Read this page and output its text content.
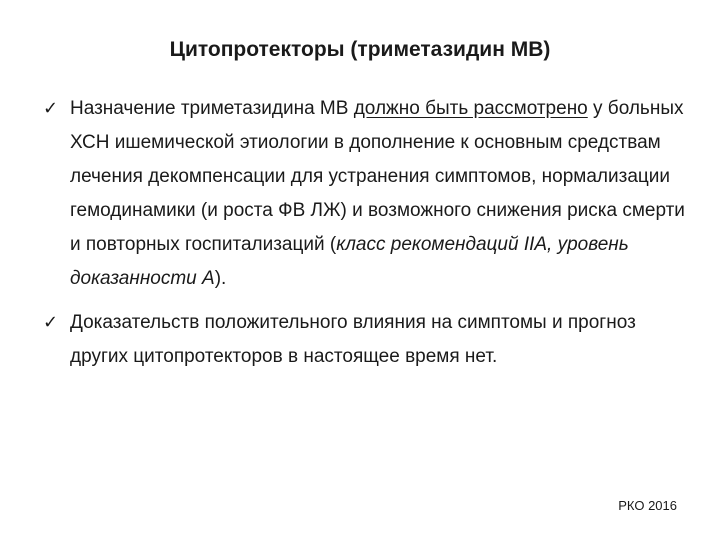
Цитопротекторы (триметазидин МВ)
✓ Назначение триметазидина МВ должно быть рассмотрено у больных ХСН ишемической этиологии в дополнение к основным средствам лечения декомпенсации для устранения симптомов, нормализации гемодинамики (и роста ФВ ЛЖ) и возможного снижения риска смерти и повторных госпитализаций (класс рекомендаций IIA, уровень доказанности А).
✓ Доказательств положительного влияния на симптомы и прогноз других цитопротекторов в настоящее время нет.
РКО 2016
